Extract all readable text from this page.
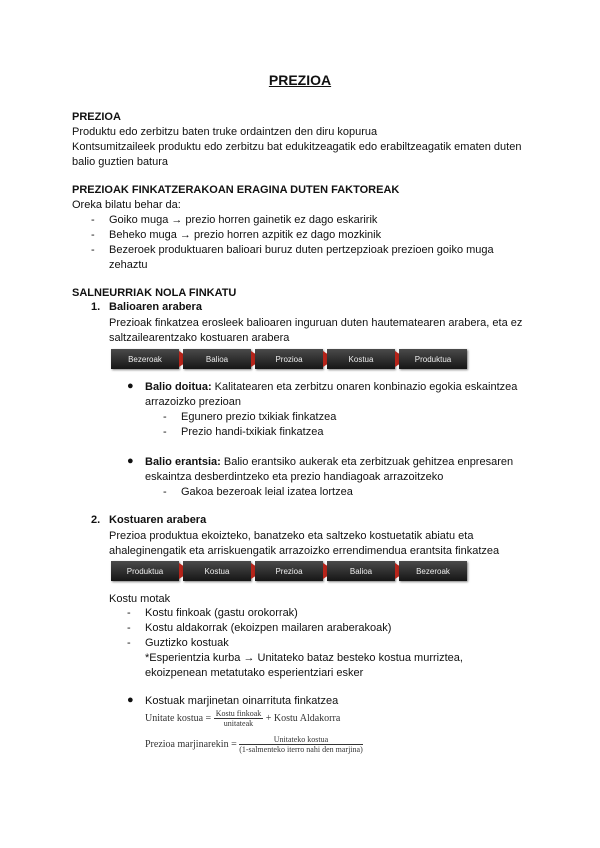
PREZIOA
PREZIOA
Produktu edo zerbitzu baten truke ordaintzen den diru kopurua
Kontsumitzaileek produktu edo zerbitzu bat edukitzeagatik edo erabiltzeagatik ematen duten
balio guztien batura
PREZIOAK FINKATZERAKOAN ERAGINA DUTEN FAKTOREAK
Oreka bilatu behar da:
- Goiko muga → prezio horren gainetik ez dago eskaririk
- Beheko muga → prezio horren azpitik ez dago mozkinik
- Bezeroek produktuaren balioari buruz duten pertzepzioak prezioen goiko muga
zehaztu
SALNEURRIAK NOLA FINKATU
1. Balioaren arabera
Prezioak finkatzea erosleek balioaren inguruan duten hautematearen arabera, eta ez
saltzailearentzako kostuaren arabera
Bezeroak	Balioa	Prozioa	Kostua	Produktua
● Balio doitua: Kalitatearen eta zerbitzu onaren konbinazio egokia eskaintzea
arrazoizko prezioan
- Egunero prezio txikiak finkatzea
- Prezio handi-txikiak finkatzea
● Balio erantsia: Balio erantsiko aukerak eta zerbitzuak gehitzea enpresaren
eskaintza desberdintzeko eta prezio handiagoak arrazoitzeko
- Gakoa bezeroak leial izatea lortzea
2. Kostuaren arabera
Prezioa produktua ekoizteko, banatzeko eta saltzeko kostuetatik abiatu eta
ahaleginengatik eta arriskuengatik arrazoizko errendimendua erantsita finkatzea
Produktua	Kostua	Prezioa	Balioa	Bezeroak
Kostu motak
- Kostu finkoak (gastu orokorrak)
- Kostu aldakorrak (ekoizpen mailaren araberakoak)
- Guztizko kostuak
*Esperientzia kurba → Unitateko bataz besteko kostua murriztea,
ekoizpenean metatutako esperientziari esker
● Kostuak marjinetan oinarrituta finkatzea
Unitate kostua = $\frac{\text{Kostu finkoak}}{\text{unitateak}}$ + Kostu Aldakorra
Prezioa marjinarekin = $\frac{\text{Unitateko kostua}}{\text{(1-salmenteko iterro nahi den marjina)}}$
